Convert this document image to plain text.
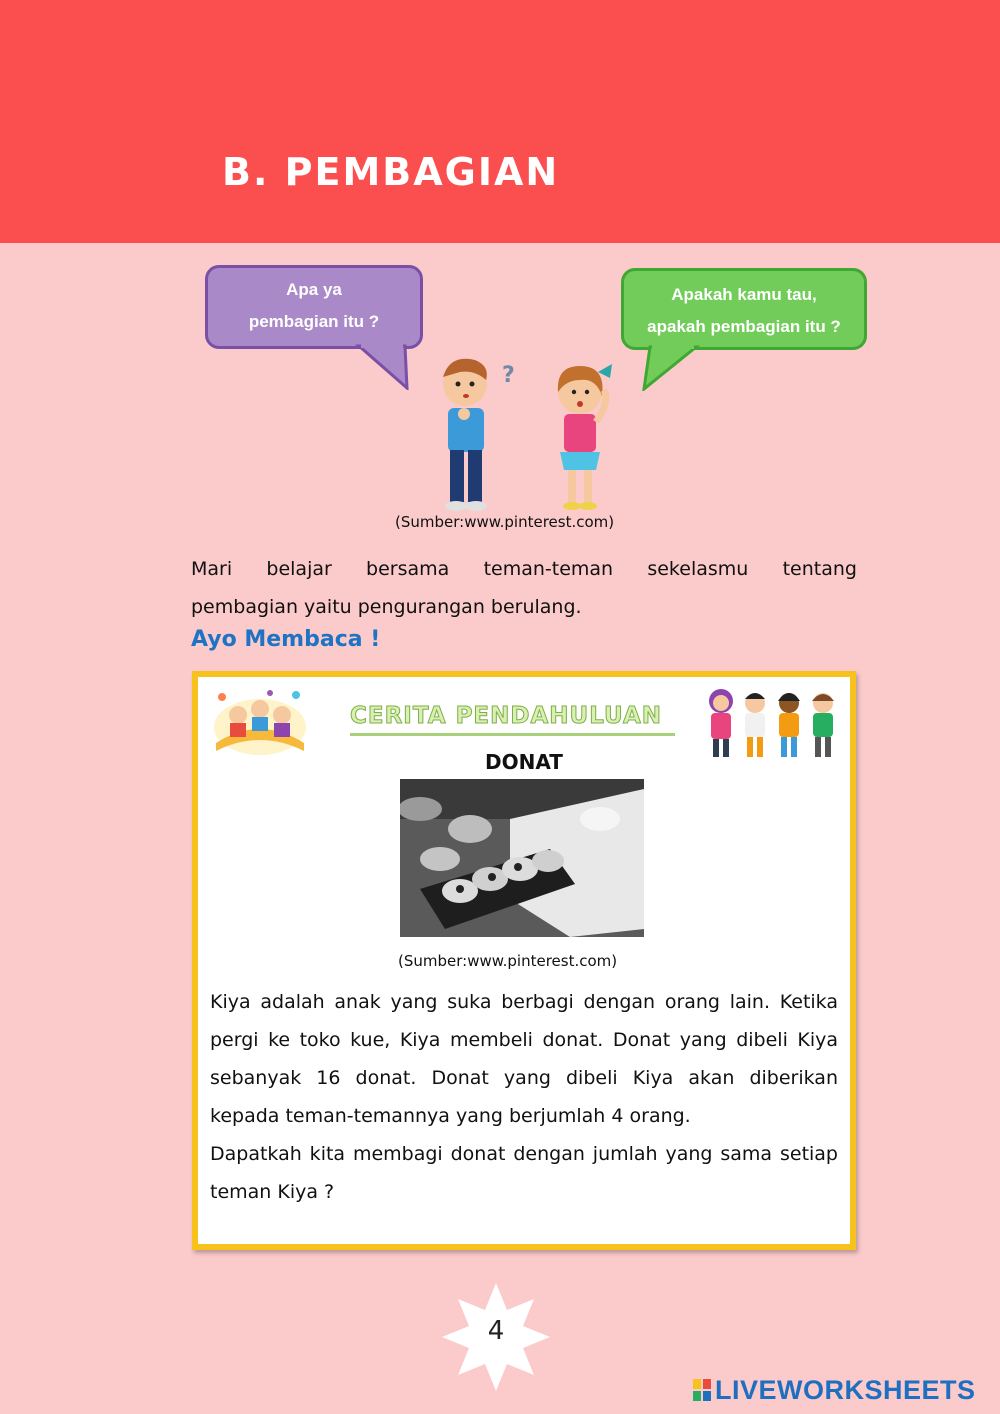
B. PEMBAGIAN
Apa ya
pembagian itu ?
Apakah kamu tau,
apakah pembagian itu ?
?
(Sumber:www.pinterest.com)
Mari belajar bersama teman-teman sekelasmu tentang
pembagian yaitu pengurangan berulang.
Ayo Membaca !
CERITA PENDAHULUAN
DONAT
(Sumber:www.pinterest.com)

Kiya adalah anak yang suka berbagi dengan orang lain. Ketika pergi ke toko kue, Kiya membeli donat. Donat yang dibeli Kiya sebanyak 16 donat. Donat yang dibeli Kiya akan diberikan kepada teman-temannya yang berjumlah 4 orang.

Dapatkah kita membagi donat dengan jumlah yang sama setiap teman Kiya ?

4
LIVEWORKSHEETS
